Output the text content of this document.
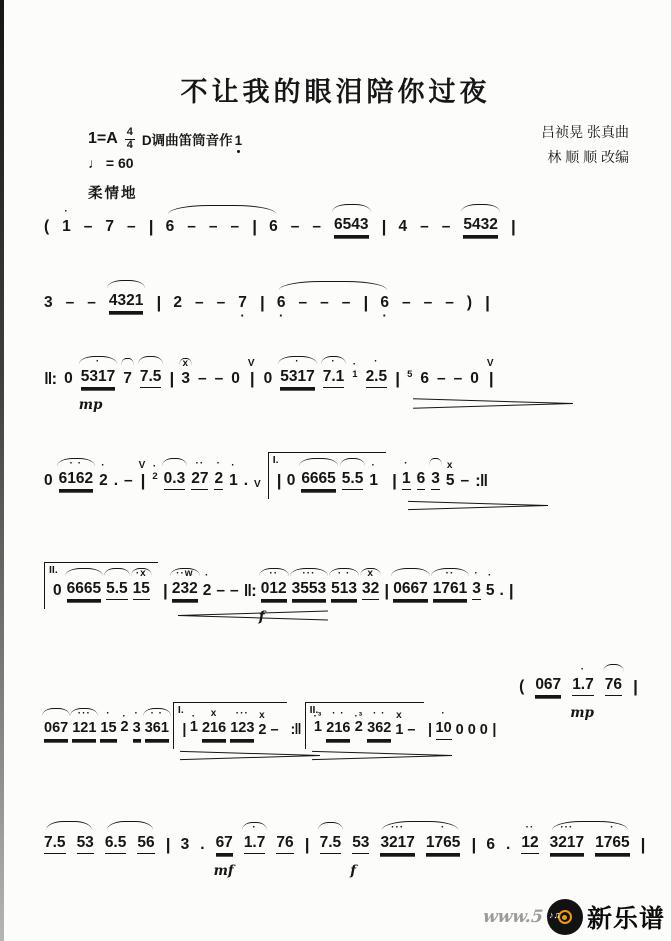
不让我的眼泪陪你过夜
吕祯晃 张真曲
林 顺 顺 改编
$1=A \frac{4}{4}$ D调曲笛筒音作 1
♩ = 60
柔情地
(
·
1 – 7 – | 6 – – – | 6 – – 6543 | 4 – – 5432 |
3 – – 4321 | 2 – – 7
·
| 6
·
– – – | 6
·
– – – ) |
‖: 0
·
5317
mp
7 7.5 |
x
3 – – 0
V
| 0
·
5317
·
7.1
·
1
·
2.5 | 5 6 – – 0
V
|
0
· ·
6162
·
2 . –
V
|
·
2 0.3
··
27
·
2
·
1 . V
I.
| 0 6665 5.5
·
1 |
·
1 6 3
x
5 – :‖
II.
0 6665 5.5
·x
15 |
··w
232
·
2 – – ‖:
··
012
f
···
3553
· ·
513
x
32 | 0667
··
1761
·
3
·
5 . |
( 067
·
1.7
mp
76 |
067
···
121
·
15
·
2
·
3
· ·
361
I.
|
·
1
x
216
···
123
x
2 – :‖
II.
·³
1
· ·
216
·³
2
· ·
362
x
1 – |
·
10 0 0 0 |
7.5 53 6.5 56 | 3 . 67
mf
·
1.7 76 | 7.5 53
f
···
3217
·
1765 | 6 .
··
12
···
3217
·
1765 |
www.5 ♪♫ 新乐谱
